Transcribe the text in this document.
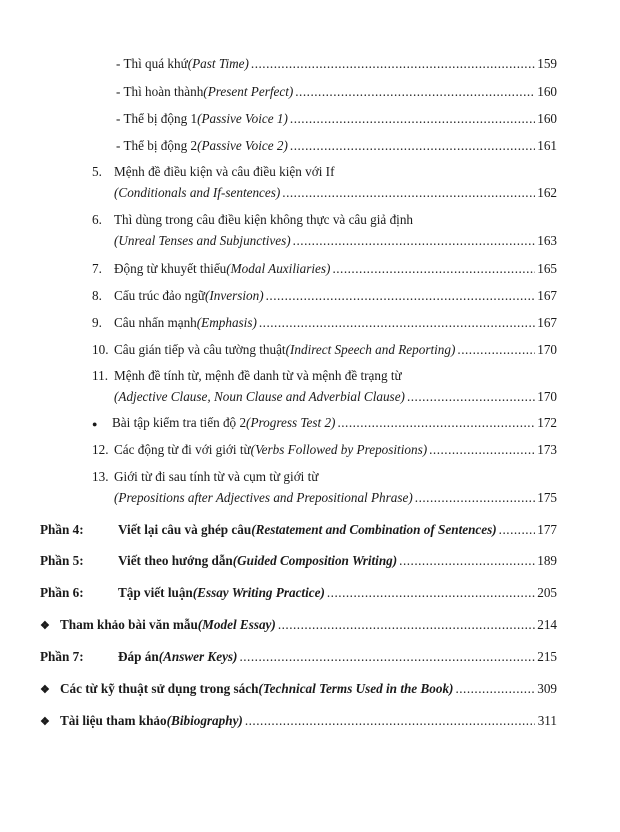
- Thì quá khứ (Past Time) .....	159
- Thì hoàn thành (Present Perfect) .....	160
- Thể bị động 1 (Passive Voice 1) .....	160
- Thể bị động 2 (Passive Voice 2) .....	161
5. Mệnh đề điều kiện và câu điều kiện với If
(Conditionals and If-sentences) .....	162
6. Thì dùng trong câu điều kiện không thực và câu giả định
(Unreal Tenses and Subjunctives) .....	163
7. Động từ khuyết thiếu (Modal Auxiliaries) .....	165
8. Cấu trúc đảo ngữ (Inversion) .....	167
9. Câu nhấn mạnh (Emphasis) .....	167
10. Câu gián tiếp và câu tường thuật (Indirect Speech and Reporting) .....	170
11. Mệnh đề tính từ, mệnh đề danh từ và mệnh đề trạng từ
(Adjective Clause, Noun Clause and Adverbial Clause) .....	170
●	Bài tập kiểm tra tiến độ 2 (Progress Test 2) .....	172
12. Các động từ đi với giới từ (Verbs Followed by Prepositions) .....	173
13. Giới từ đi sau tính từ và cụm từ giới từ
(Prepositions after Adjectives and Prepositional Phrase) .....	175
Phần 4:	Viết lại câu và ghép câu (Restatement and Combination of Sentences) .....	177
Phần 5:	Viết theo hướng dẫn (Guided Composition Writing) .....	189
Phần 6:	Tập viết luận (Essay Writing Practice) .....	205
❖ Tham khảo bài văn mẫu (Model Essay) .....	214
Phần 7:	Đáp án (Answer Keys) .....	215
❖ Các từ kỹ thuật sử dụng trong sách (Technical Terms Used in the Book) .....	309
❖ Tài liệu tham khảo (Bibiography) .....	311
